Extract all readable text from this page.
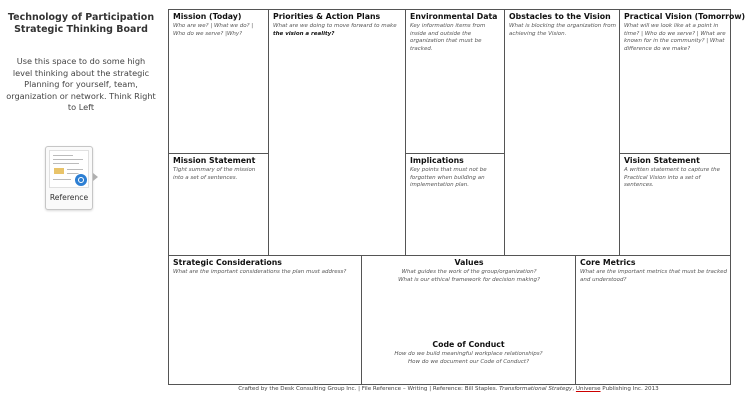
Technology of Participation
Strategic Thinking Board
Use this space to do some high level thinking about the strategic Planning for yourself, team, organization or network. Think Right to Left
Reference
Mission (Today)

Who are we? | What we do? | Who do we serve? |Why?

Mission Statement

Tight summary of the mission into a set of sentences.

Priorities & Action Plans

What are we doing to move forward to make the vision a reality?

Environmental Data

Key information items from inside and outside the organization that must be tracked.

Implications

Key points that must not be forgotten when building an implementation plan.

Obstacles to the Vision

What is blocking the organization from achieving the Vision.

Practical Vision (Tomorrow)

What will we look like at a point in time? | Who do we serve? | What are known for in the community? | What difference do we make?

Vision Statement

A written statement to capture the Practical Vision into a set of sentences.

Strategic Considerations

What are the important considerations the plan must address?

Values

What guides the work of the group/organization?
What is our ethical framework for decision making?

Code of Conduct

How do we build meaningful workplace relationships?
How do we document our Code of Conduct?

Core Metrics

What are the important metrics that must be tracked and understood?

Crafted by the Desk Consulting Group Inc. | File Reference – Writing | Reference: Bill Staples. Transformational Strategy, Universe Publishing Inc. 2013
